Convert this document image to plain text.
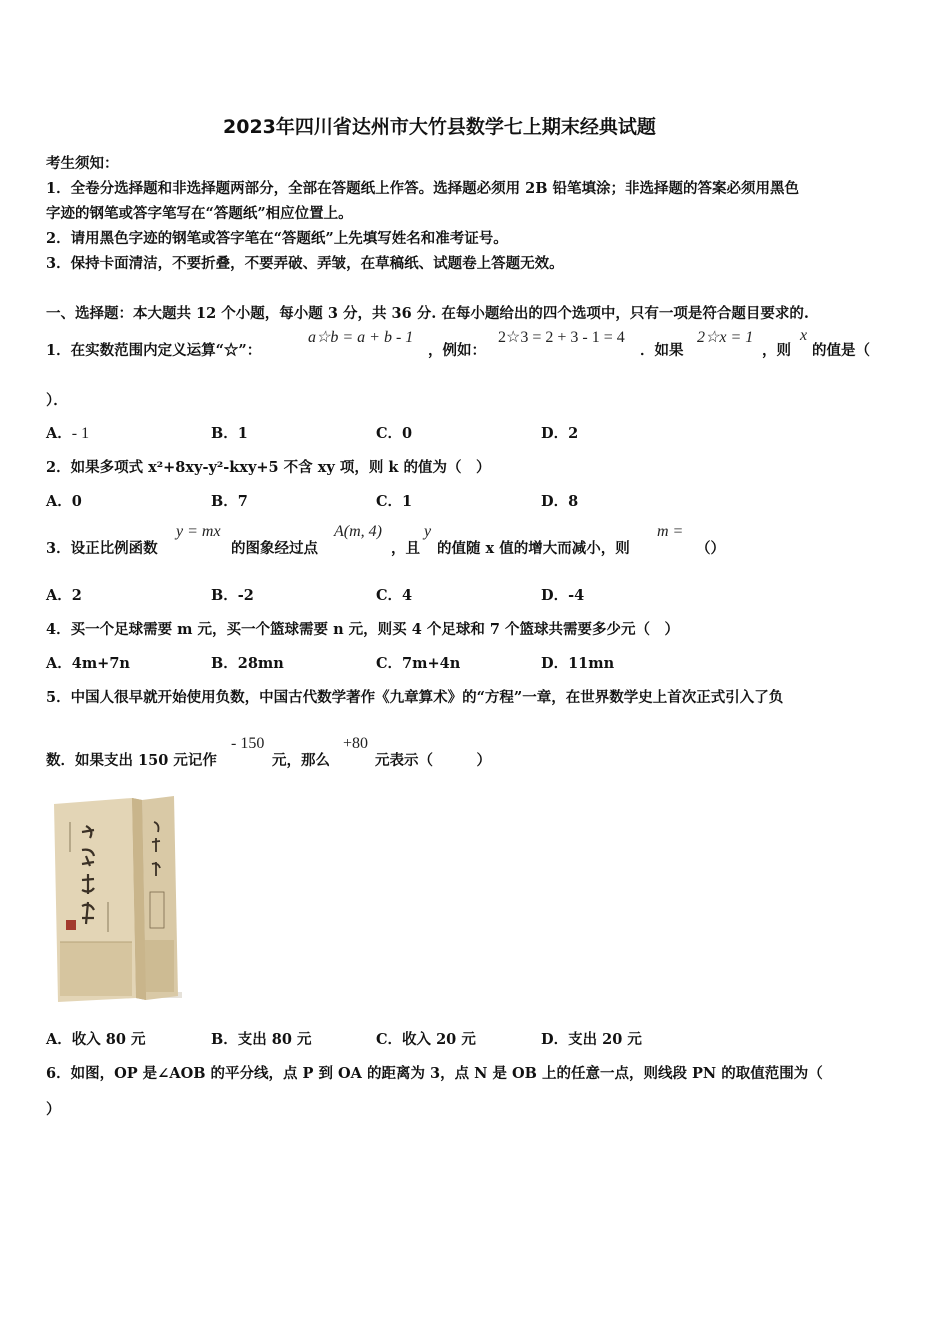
2023年四川省达州市大竹县数学七上期末经典试题
考生须知：
1．全卷分选择题和非选择题两部分，全部在答题纸上作答。选择题必须用 2B 铅笔填涂；非选择题的答案必须用黑色
字迹的钢笔或答字笔写在“答题纸”相应位置上。
2．请用黑色字迹的钢笔或答字笔在“答题纸”上先填写姓名和准考证号。
3．保持卡面清洁，不要折叠，不要弄破、弄皱，在草稿纸、试题卷上答题无效。
一、选择题：本大题共 12 个小题，每小题 3 分，共 36 分. 在每小题给出的四个选项中，只有一项是符合题目要求的.
1．在实数范围内定义运算“☆”：
a☆b = a + b - 1
，例如：
2☆3 = 2 + 3 - 1 = 4
．如果
2☆x = 1
，则
x
的值是（
）．
A．- 1	B．1	C．0	D．2
2．如果多项式 x²+8xy-y²-kxy+5 不含 xy 项，则 k 的值为（　）
A．0	B．7	C．1	D．8
3．设正比例函数
y = mx
的图象经过点
A(m, 4)
，且
y
的值随 x 值的增大而减小，则
m =
（）
A．2	B．-2	C．4	D．-4
4．买一个足球需要 m 元，买一个篮球需要 n 元，则买 4 个足球和 7 个篮球共需要多少元（　）
A．4m+7n	B．28mn	C．7m+4n	D．11mn
5．中国人很早就开始使用负数，中国古代数学著作《九章算术》的“方程”一章，在世界数学史上首次正式引入了负
数．如果支出 150 元记作
- 150
元，那么
+80
元表示（　　　）
A．收入 80 元	B．支出 80 元	C．收入 20 元	D．支出 20 元
6．如图，OP 是∠AOB 的平分线，点 P 到 OA 的距离为 3，点 N 是 OB 上的任意一点，则线段 PN 的取值范围为（
）
